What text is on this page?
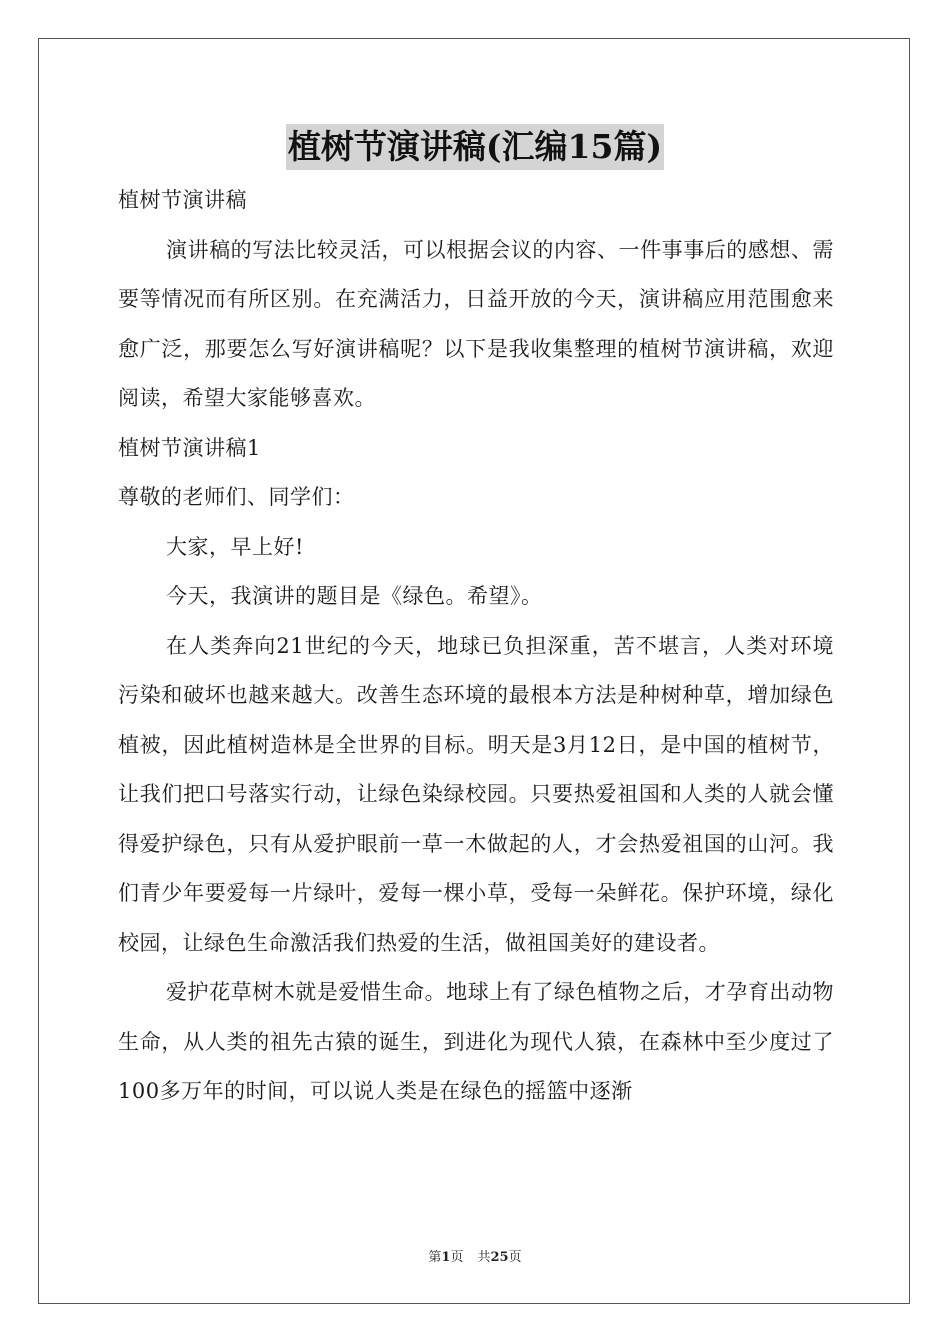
植树节演讲稿(汇编15篇)

植树节演讲稿

演讲稿的写法比较灵活，可以根据会议的内容、一件事事后的感想、需要等情况而有所区别。在充满活力，日益开放的今天，演讲稿应用范围愈来愈广泛，那要怎么写好演讲稿呢？以下是我收集整理的植树节演讲稿，欢迎阅读，希望大家能够喜欢。

植树节演讲稿1

尊敬的老师们、同学们：

大家，早上好!

今天，我演讲的题目是《绿色。希望》。

在人类奔向21世纪的今天，地球已负担深重，苦不堪言，人类对环境污染和破坏也越来越大。改善生态环境的最根本方法是种树种草，增加绿色植被，因此植树造林是全世界的目标。明天是3月12日，是中国的植树节，让我们把口号落实行动，让绿色染绿校园。只要热爱祖国和人类的人就会懂得爱护绿色，只有从爱护眼前一草一木做起的人，才会热爱祖国的山河。我们青少年要爱每一片绿叶，爱每一棵小草，受每一朵鲜花。保护环境，绿化校园，让绿色生命激活我们热爱的生活，做祖国美好的建设者。

爱护花草树木就是爱惜生命。地球上有了绿色植物之后，才孕育出动物生命，从人类的祖先古猿的诞生，到进化为现代人猿，在森林中至少度过了100多万年的时间，可以说人类是在绿色的摇篮中逐渐

第1页 共25页
